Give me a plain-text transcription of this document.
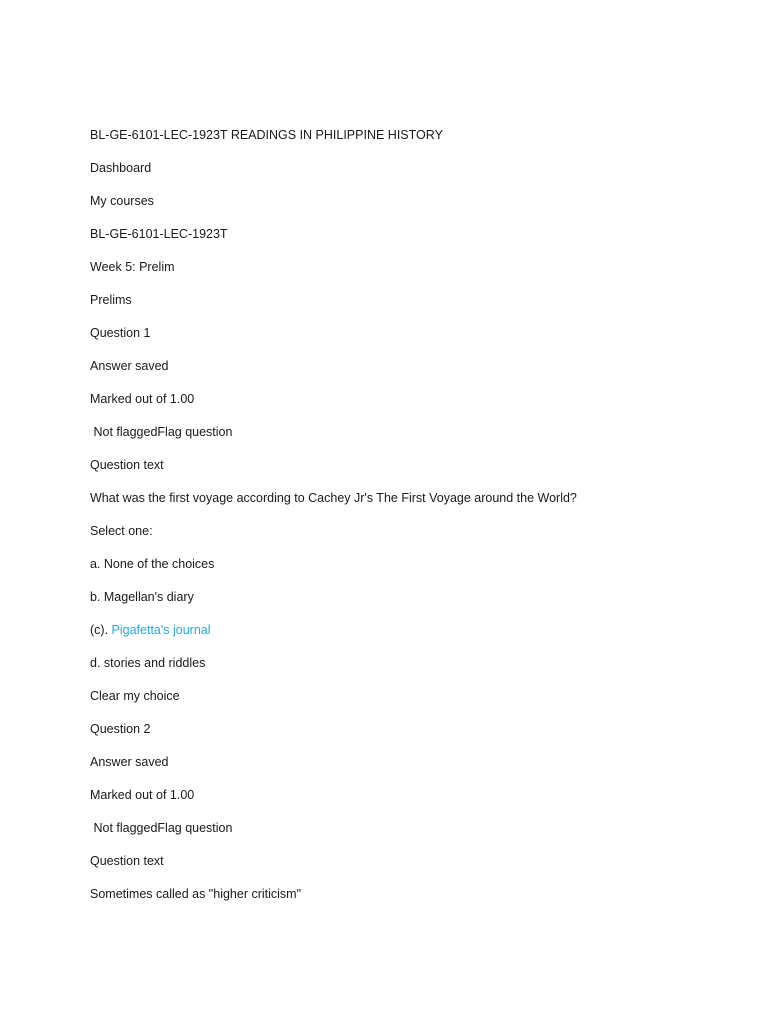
BL-GE-6101-LEC-1923T READINGS IN PHILIPPINE HISTORY
Dashboard
My courses
BL-GE-6101-LEC-1923T
Week 5: Prelim
Prelims
Question 1
Answer saved
Marked out of 1.00
Not flaggedFlag question
Question text
What was the first voyage according to Cachey Jr's The First Voyage around the World?
Select one:
a. None of the choices
b. Magellan's diary
(c). Pigafetta's journal
d. stories and riddles
Clear my choice
Question 2
Answer saved
Marked out of 1.00
Not flaggedFlag question
Question text
Sometimes called as "higher criticism"
